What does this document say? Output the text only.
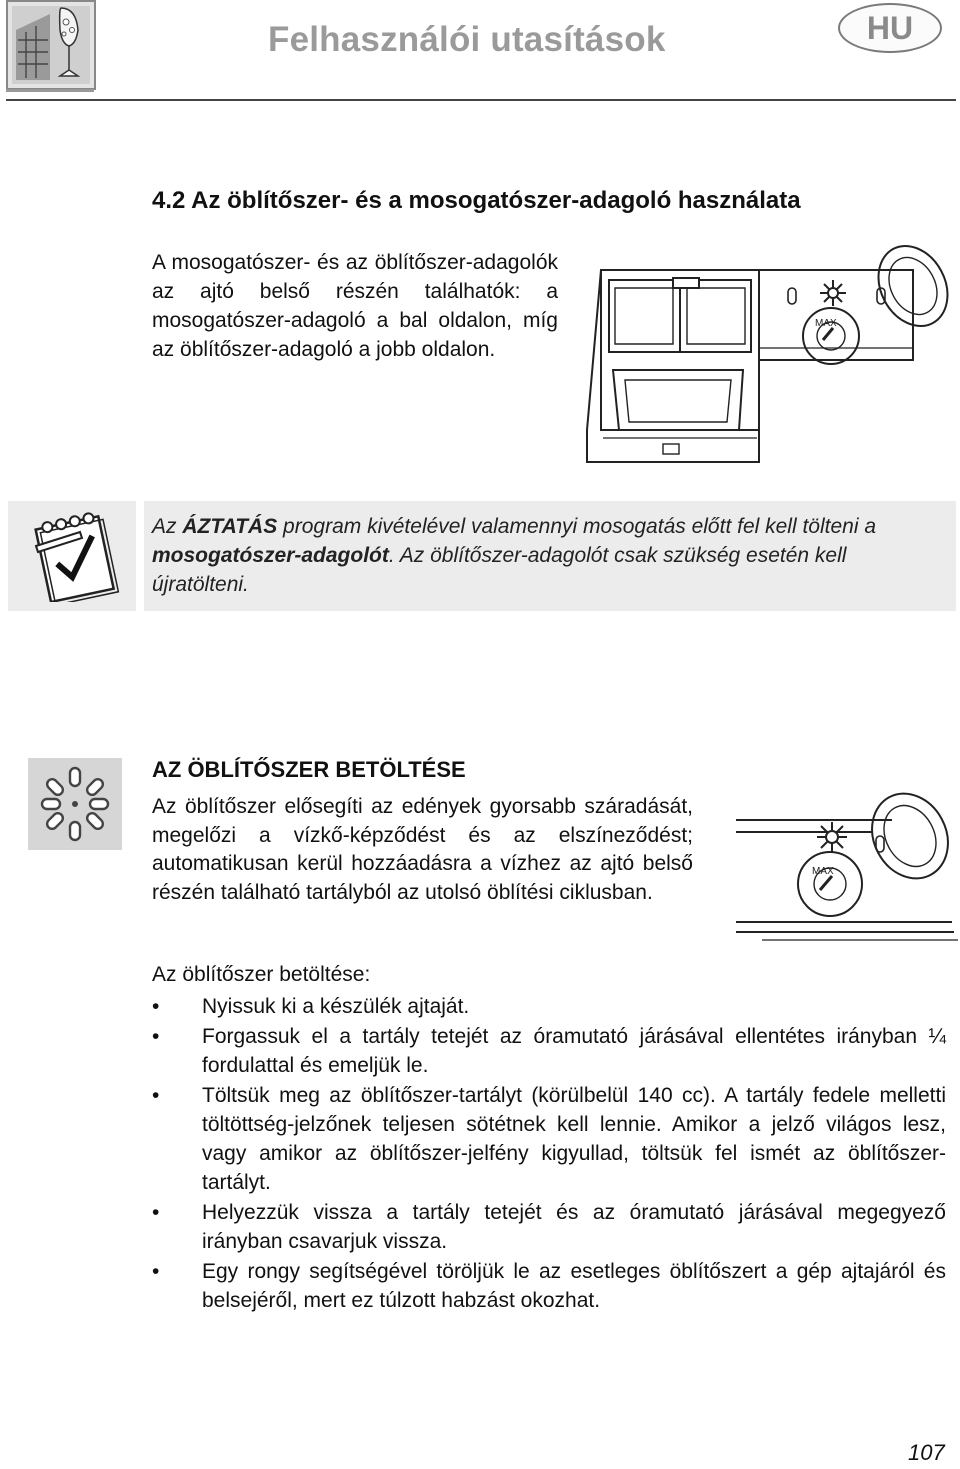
Felhasználói utasítások	HU
4.2 Az öblítőszer- és a mosogatószer-adagoló használata
A mosogatószer- és az öblítőszer-adagolók az ajtó belső részén találhatók: a mosogatószer-adagoló a bal oldalon, míg az öblítőszer-adagoló a jobb oldalon.
MAX
Az ÁZTATÁS program kivételével valamennyi mosogatás előtt fel kell tölteni a mosogatószer-adagolót. Az öblítőszer-adagolót csak szükség esetén kell újratölteni.
AZ ÖBLÍTŐSZER BETÖLTÉSE
Az öblítőszer elősegíti az edények gyorsabb száradását, megelőzi a vízkő-képződést és az elszíneződést; automatikusan kerül hozzáadásra a vízhez az ajtó belső részén található tartályból az utolsó öblítési ciklusban.
MAX
Az öblítőszer betöltése:
• Nyissuk ki a készülék ajtaját.
• Forgassuk el a tartály tetejét az óramutató járásával ellentétes irányban ¼ fordulattal és emeljük le.
• Töltsük meg az öblítőszer-tartályt (körülbelül 140 cc). A tartály fedele melletti töltöttség-jelzőnek teljesen sötétnek kell lennie. Amikor a jelző világos lesz, vagy amikor az öblítőszer-jelfény kigyullad, töltsük fel ismét az öblítőszer-tartályt.
• Helyezzük vissza a tartály tetejét és az óramutató járásával megegyező irányban csavarjuk vissza.
• Egy rongy segítségével töröljük le az esetleges öblítőszert a gép ajtajáról és belsejéről, mert ez túlzott habzást okozhat.
107
